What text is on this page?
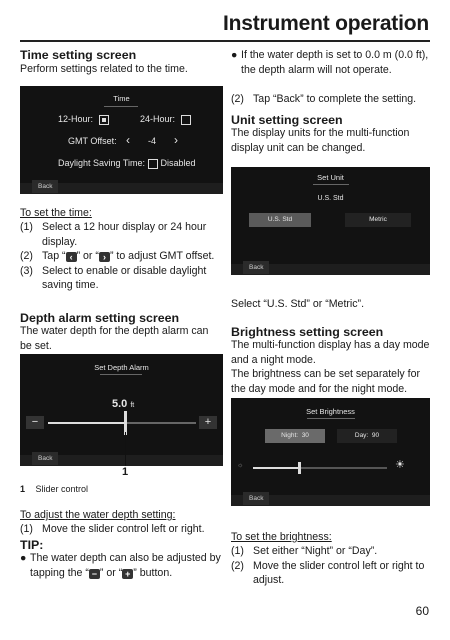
Instrument operation
Time setting screen
Perform settings related to the time.
Time
12-Hour:	24-Hour:
GMT Offset: ‹ -4 ›
Daylight Saving Time:	Disabled
Back
To set the time:
(1) Select a 12 hour display or 24 hour display.
(2) Tap “ ‹ ” or “ › ” to adjust GMT offset.
(3) Select to enable or disable daylight saving time.
Depth alarm setting screen
The water depth for the depth alarm can be set.
Set Depth Alarm
5.0 ft
−	+
Back
1
1 Slider control
To adjust the water depth setting:
(1) Move the slider control left or right.
TIP:
● The water depth can also be adjusted by tapping the “ − ” or “ + ” button.
● If the water depth is set to 0.0 m (0.0 ft), the depth alarm will not operate.
(2) Tap “Back” to complete the setting.
Unit setting screen
The display units for the multi-function display unit can be changed.
Set Unit
U.S. Std
U.S. Std	Metric
Back
Select “U.S. Std” or “Metric”.
Brightness setting screen
The multi-function display has a day mode and a night mode.
The brightness can be set separately for the day mode and for the night mode.
Set Brightness
Night: 30	Day: 90
☼	☀
Back
To set the brightness:
(1) Set either “Night” or “Day”.
(2) Move the slider control left or right to adjust.
60
